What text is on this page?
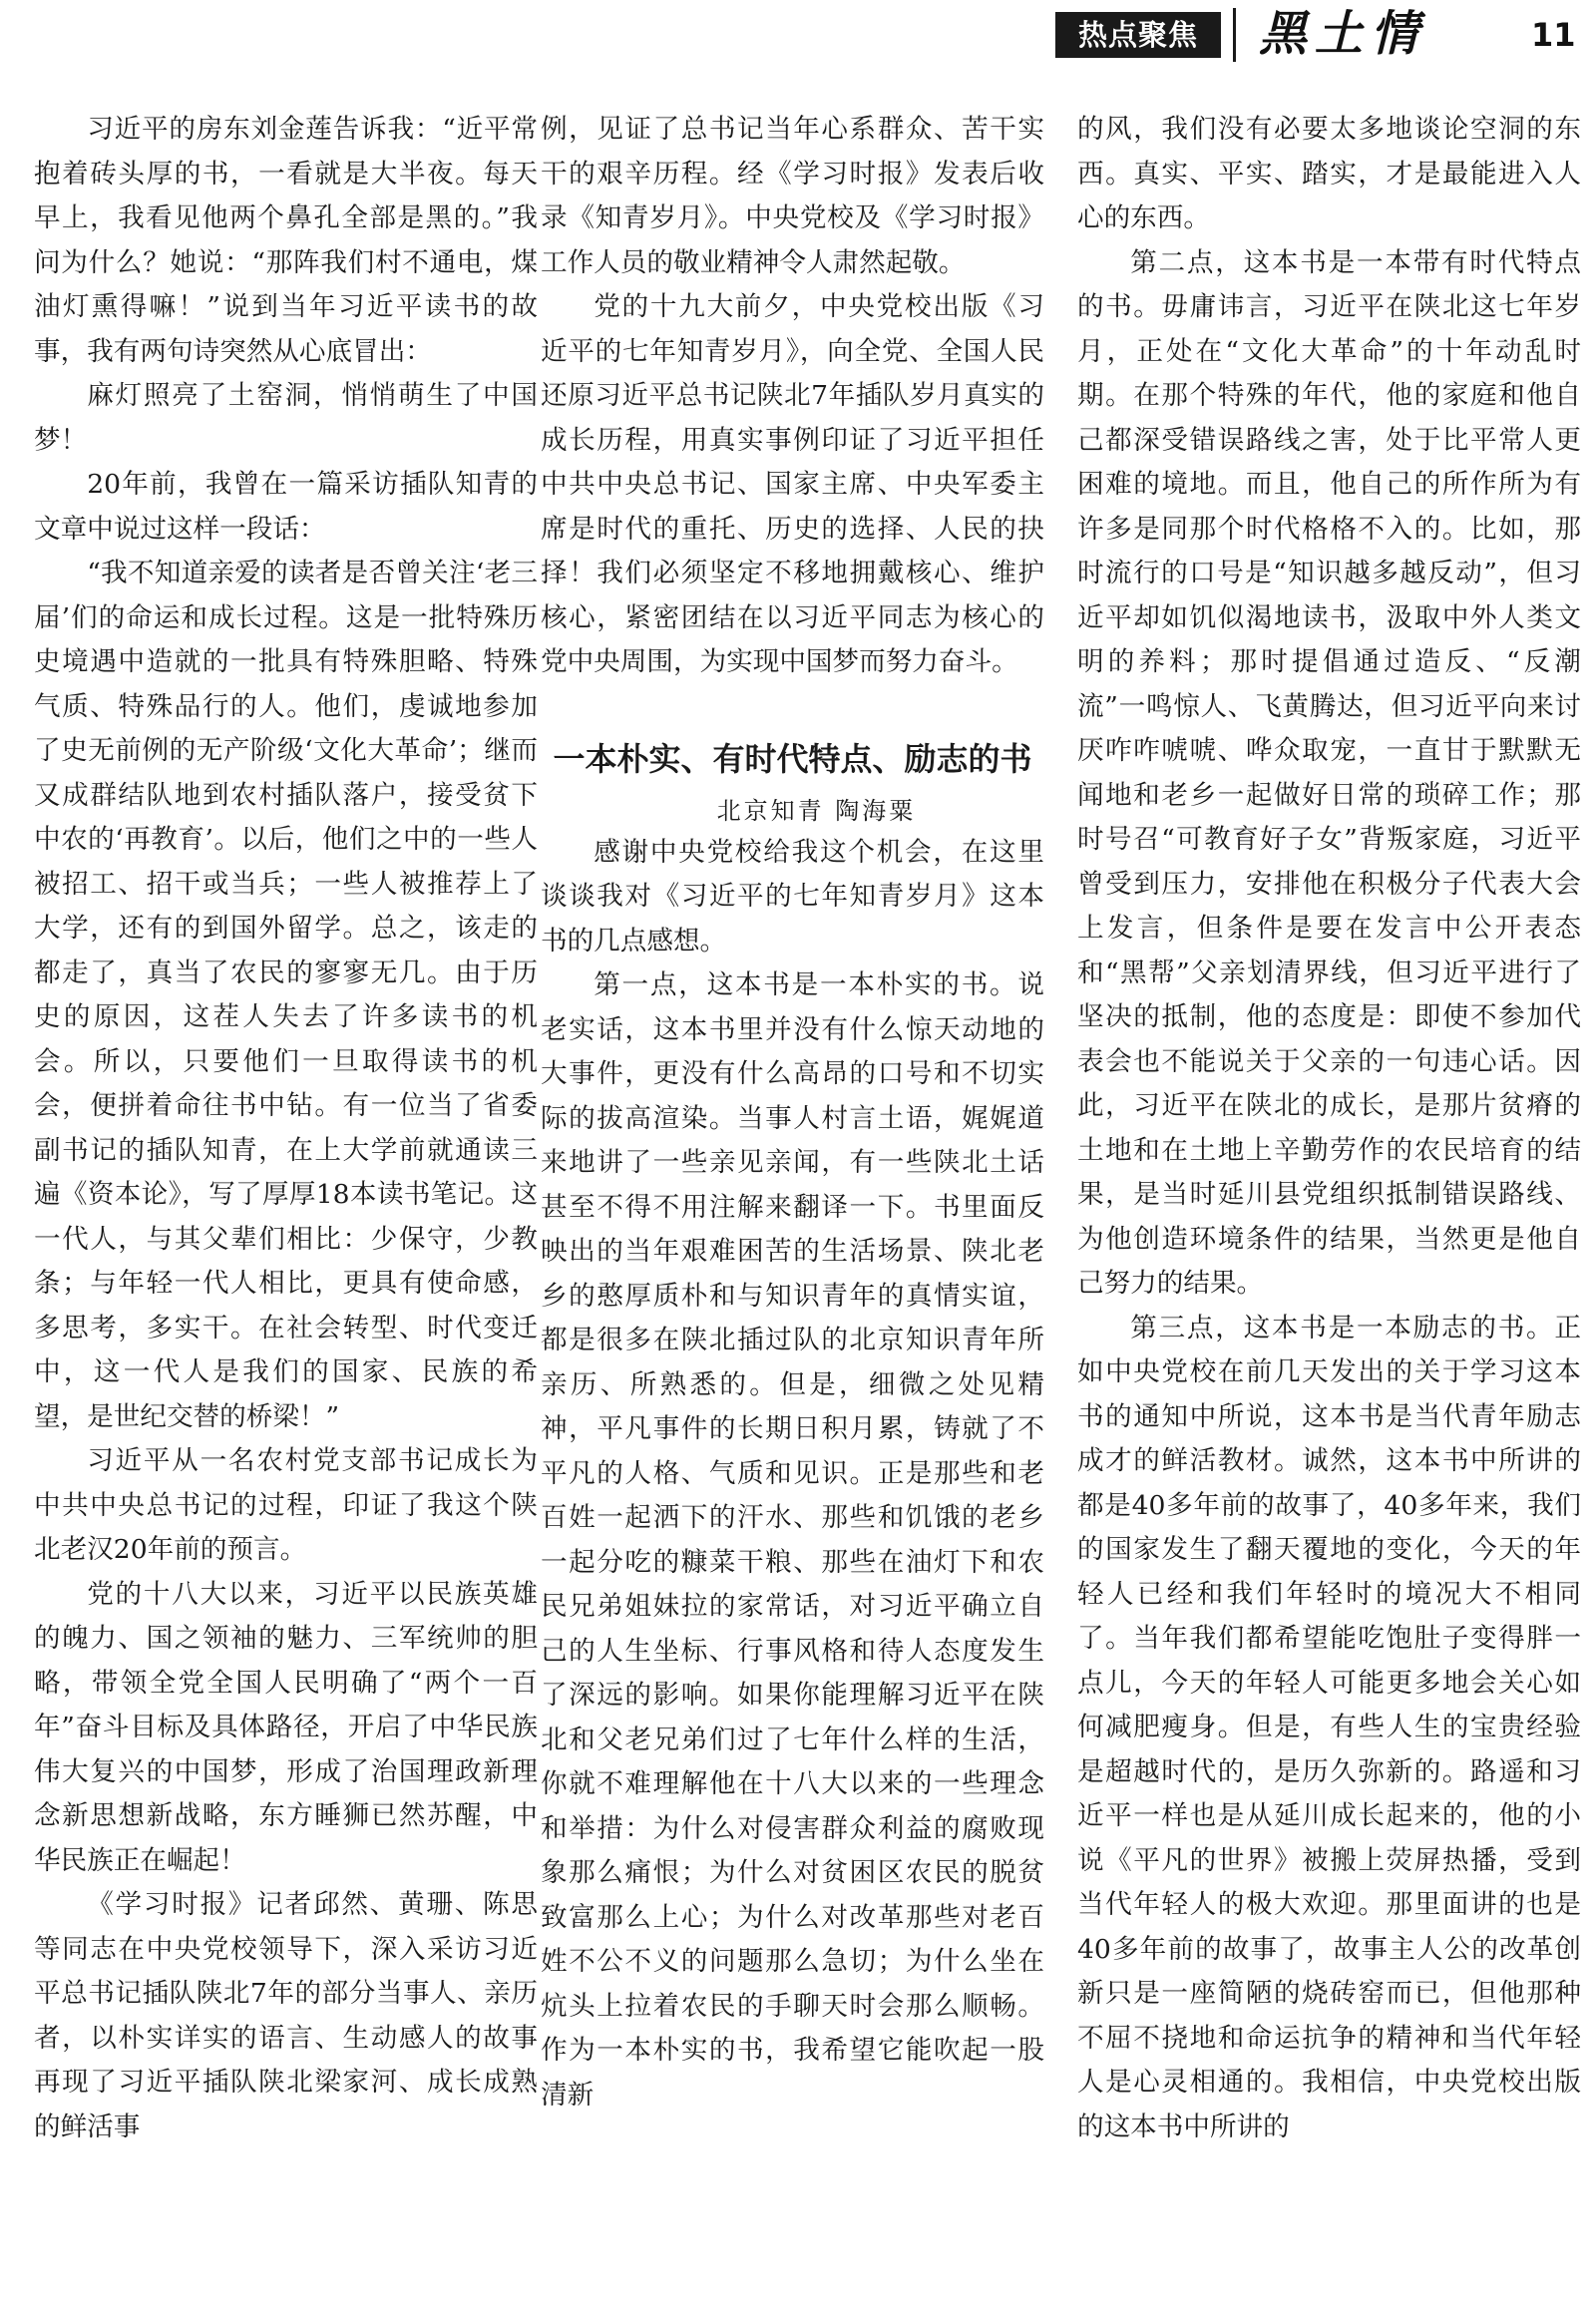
热点聚焦	黑土情	11

习近平的房东刘金莲告诉我：“近平常抱着砖头厚的书，一看就是大半夜。每天早上，我看见他两个鼻孔全部是黑的。”我问为什么？她说：“那阵我们村不通电，煤油灯熏得嘛！”说到当年习近平读书的故事，我有两句诗突然从心底冒出：

麻灯照亮了土窑洞，悄悄萌生了中国梦！

20年前，我曾在一篇采访插队知青的文章中说过这样一段话：

“我不知道亲爱的读者是否曾关注‘老三届’们的命运和成长过程。这是一批特殊历史境遇中造就的一批具有特殊胆略、特殊气质、特殊品行的人。他们，虔诚地参加了史无前例的无产阶级‘文化大革命’；继而又成群结队地到农村插队落户，接受贫下中农的‘再教育’。以后，他们之中的一些人被招工、招干或当兵；一些人被推荐上了大学，还有的到国外留学。总之，该走的都走了，真当了农民的寥寥无几。由于历史的原因，这茬人失去了许多读书的机会。所以，只要他们一旦取得读书的机会，便拼着命往书中钻。有一位当了省委副书记的插队知青，在上大学前就通读三遍《资本论》，写了厚厚18本读书笔记。这一代人，与其父辈们相比：少保守，少教条；与年轻一代人相比，更具有使命感，多思考，多实干。在社会转型、时代变迁中，这一代人是我们的国家、民族的希望，是世纪交替的桥梁！”

习近平从一名农村党支部书记成长为中共中央总书记的过程，印证了我这个陕北老汉20年前的预言。

党的十八大以来，习近平以民族英雄的魄力、国之领袖的魅力、三军统帅的胆略，带领全党全国人民明确了“两个一百年”奋斗目标及具体路径，开启了中华民族伟大复兴的中国梦，形成了治国理政新理念新思想新战略，东方睡狮已然苏醒，中华民族正在崛起！

《学习时报》记者邱然、黄珊、陈思等同志在中央党校领导下，深入采访习近平总书记插队陕北7年的部分当事人、亲历者，以朴实详实的语言、生动感人的故事再现了习近平插队陕北梁家河、成长成熟的鲜活事

例，见证了总书记当年心系群众、苦干实干的艰辛历程。经《学习时报》发表后收录《知青岁月》。中央党校及《学习时报》工作人员的敬业精神令人肃然起敬。

党的十九大前夕，中央党校出版《习近平的七年知青岁月》，向全党、全国人民还原习近平总书记陕北7年插队岁月真实的成长历程，用真实事例印证了习近平担任中共中央总书记、国家主席、中央军委主席是时代的重托、历史的选择、人民的抉择！我们必须坚定不移地拥戴核心、维护核心，紧密团结在以习近平同志为核心的党中央周围，为实现中国梦而努力奋斗。

一本朴实、有时代特点、励志的书

北京知青 陶海粟

感谢中央党校给我这个机会，在这里谈谈我对《习近平的七年知青岁月》这本书的几点感想。

第一点，这本书是一本朴实的书。说老实话，这本书里并没有什么惊天动地的大事件，更没有什么高昂的口号和不切实际的拔高渲染。当事人村言土语，娓娓道来地讲了一些亲见亲闻，有一些陕北土话甚至不得不用注解来翻译一下。书里面反映出的当年艰难困苦的生活场景、陕北老乡的憨厚质朴和与知识青年的真情实谊，都是很多在陕北插过队的北京知识青年所亲历、所熟悉的。但是，细微之处见精神，平凡事件的长期日积月累，铸就了不平凡的人格、气质和见识。正是那些和老百姓一起洒下的汗水、那些和饥饿的老乡一起分吃的糠菜干粮、那些在油灯下和农民兄弟姐妹拉的家常话，对习近平确立自己的人生坐标、行事风格和待人态度发生了深远的影响。如果你能理解习近平在陕北和父老兄弟们过了七年什么样的生活，你就不难理解他在十八大以来的一些理念和举措：为什么对侵害群众利益的腐败现象那么痛恨；为什么对贫困区农民的脱贫致富那么上心；为什么对改革那些对老百姓不公不义的问题那么急切；为什么坐在炕头上拉着农民的手聊天时会那么顺畅。作为一本朴实的书，我希望它能吹起一股清新

的风，我们没有必要太多地谈论空洞的东西。真实、平实、踏实，才是最能进入人心的东西。

第二点，这本书是一本带有时代特点的书。毋庸讳言，习近平在陕北这七年岁月，正处在“文化大革命”的十年动乱时期。在那个特殊的年代，他的家庭和他自己都深受错误路线之害，处于比平常人更困难的境地。而且，他自己的所作所为有许多是同那个时代格格不入的。比如，那时流行的口号是“知识越多越反动”，但习近平却如饥似渴地读书，汲取中外人类文明的养料；那时提倡通过造反、“反潮流”一鸣惊人、飞黄腾达，但习近平向来讨厌咋咋唬唬、哗众取宠，一直甘于默默无闻地和老乡一起做好日常的琐碎工作；那时号召“可教育好子女”背叛家庭，习近平曾受到压力，安排他在积极分子代表大会上发言，但条件是要在发言中公开表态和“黑帮”父亲划清界线，但习近平进行了坚决的抵制，他的态度是：即使不参加代表会也不能说关于父亲的一句违心话。因此，习近平在陕北的成长，是那片贫瘠的土地和在土地上辛勤劳作的农民培育的结果，是当时延川县党组织抵制错误路线、为他创造环境条件的结果，当然更是他自己努力的结果。

第三点，这本书是一本励志的书。正如中央党校在前几天发出的关于学习这本书的通知中所说，这本书是当代青年励志成才的鲜活教材。诚然，这本书中所讲的都是40多年前的故事了，40多年来，我们的国家发生了翻天覆地的变化，今天的年轻人已经和我们年轻时的境况大不相同了。当年我们都希望能吃饱肚子变得胖一点儿，今天的年轻人可能更多地会关心如何减肥瘦身。但是，有些人生的宝贵经验是超越时代的，是历久弥新的。路遥和习近平一样也是从延川成长起来的，他的小说《平凡的世界》被搬上荧屏热播，受到当代年轻人的极大欢迎。那里面讲的也是40多年前的故事了，故事主人公的改革创新只是一座简陋的烧砖窑而已，但他那种不屈不挠地和命运抗争的精神和当代年轻人是心灵相通的。我相信，中央党校出版的这本书中所讲的
